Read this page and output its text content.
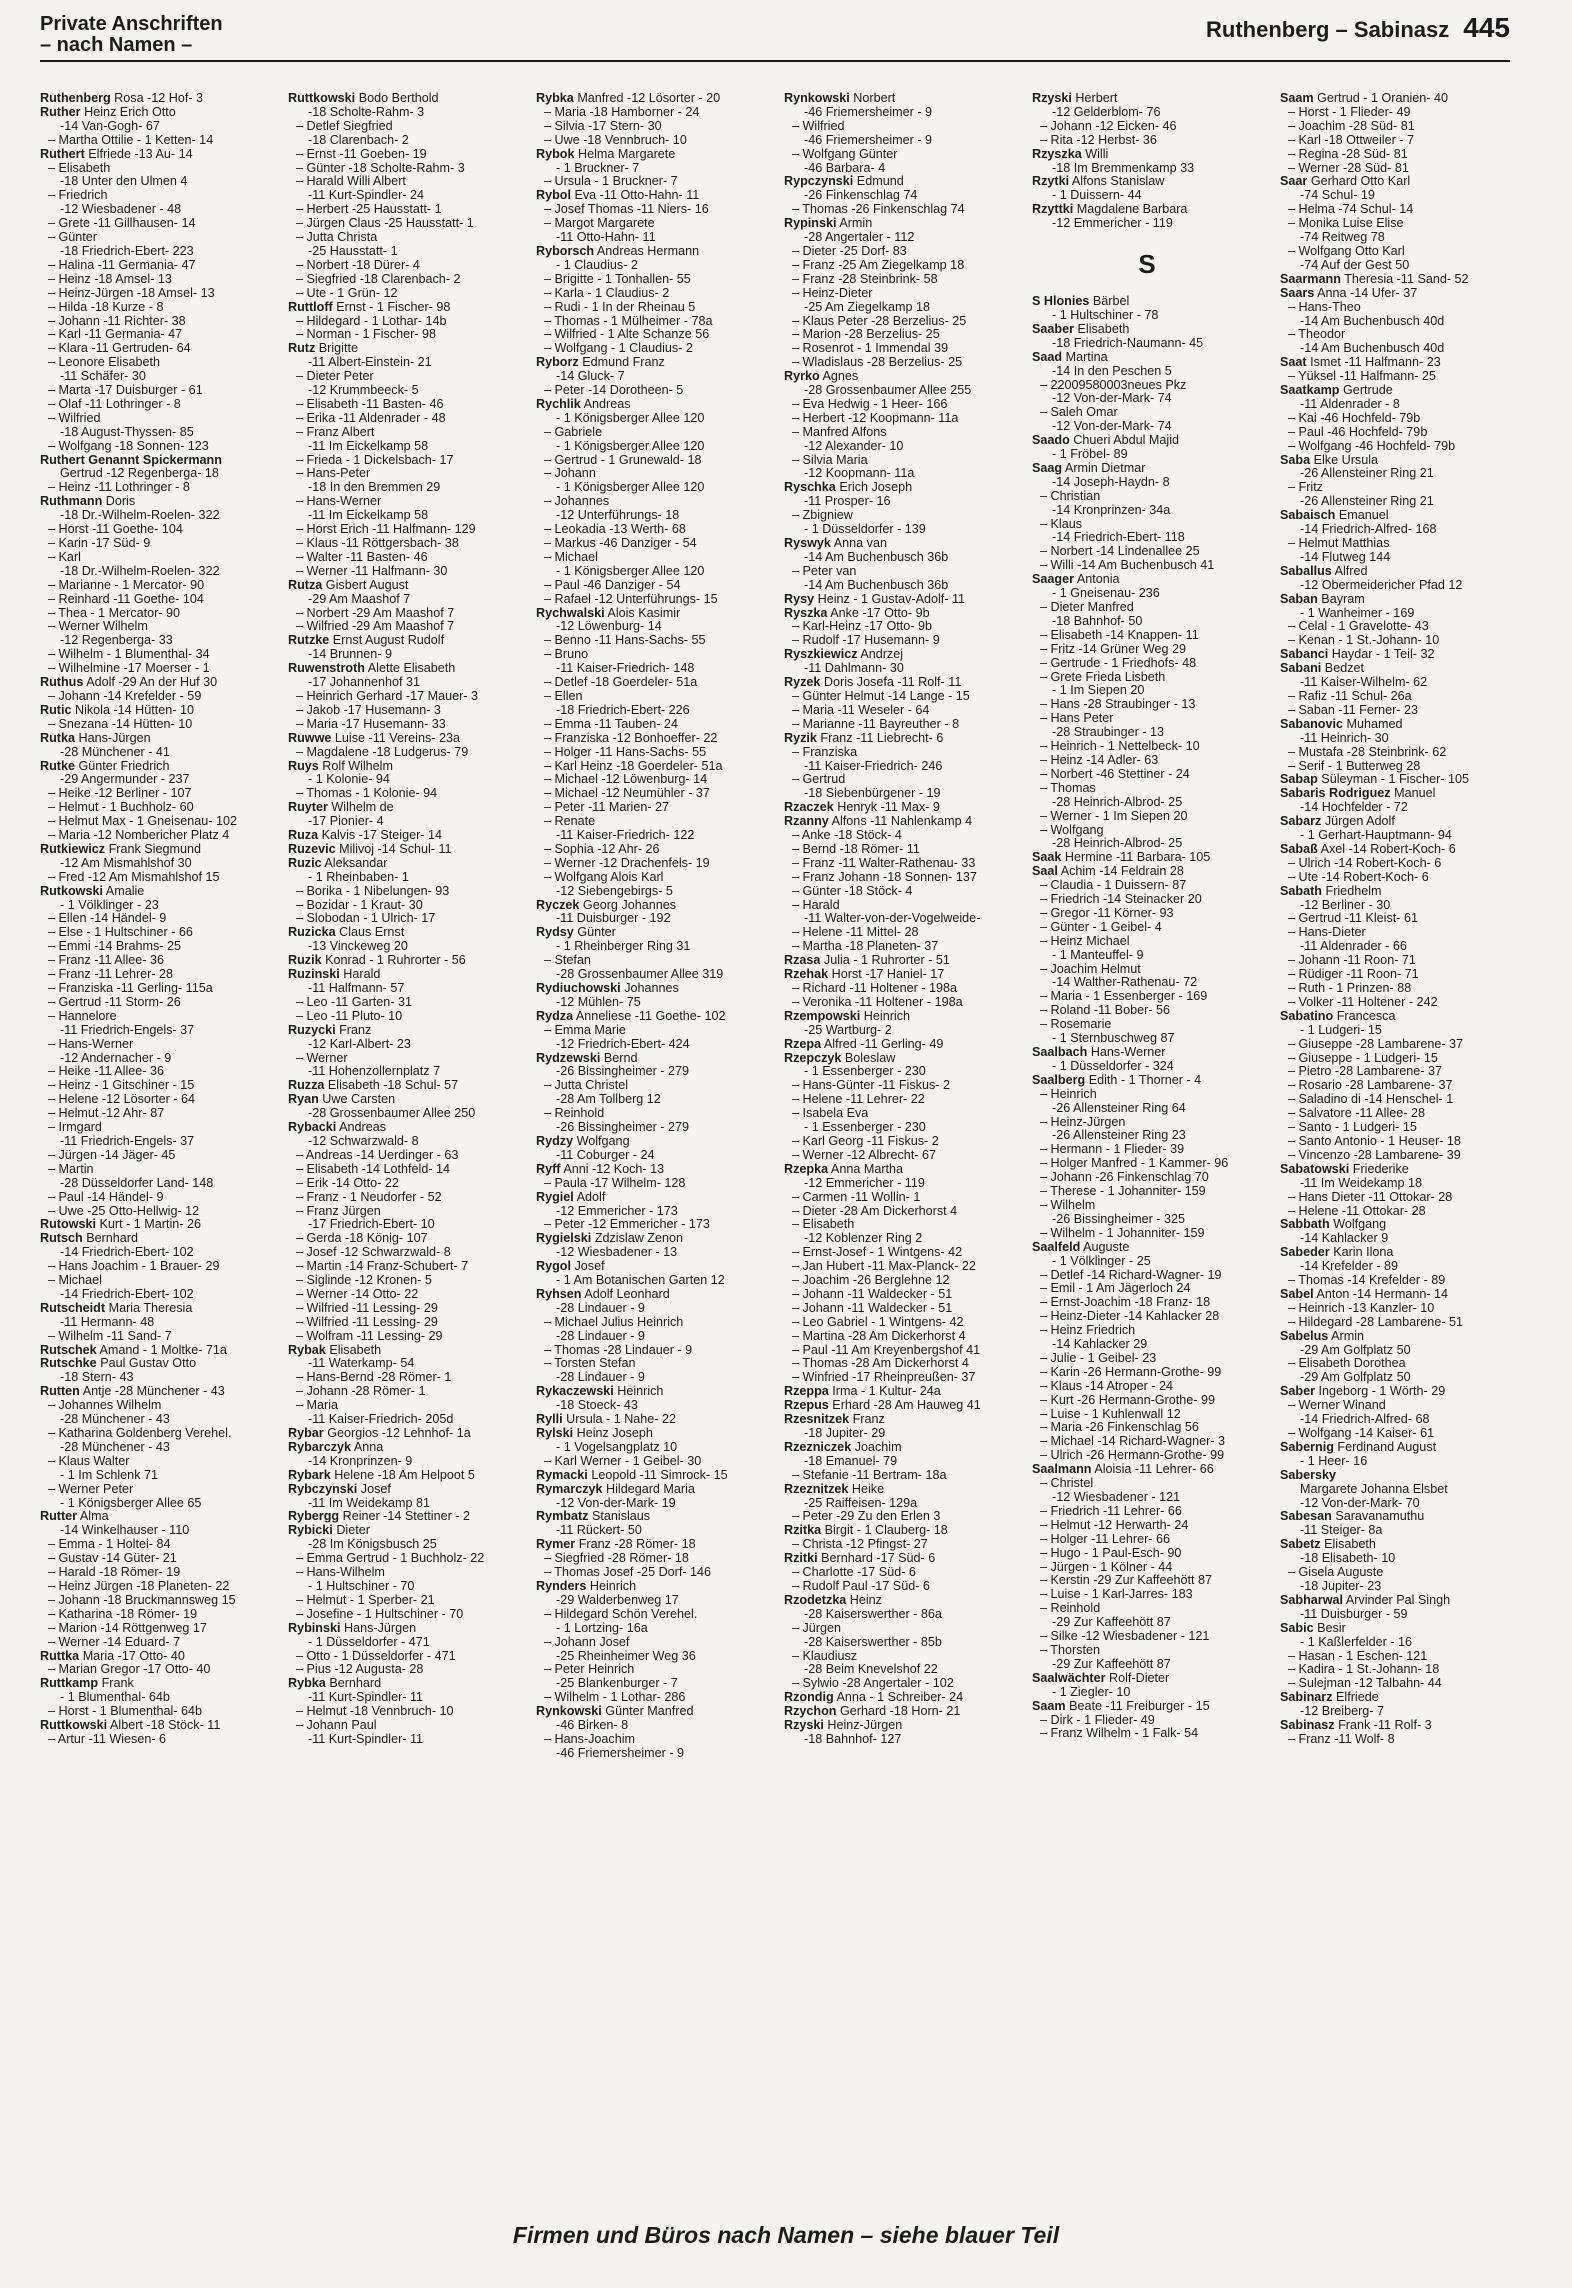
Private Anschriften
– nach Namen –
Ruthenberg – Sabinasz 445
Ruthenberg Rosa -12 Hof- 3
Ruther Heinz Erich Otto
-14 Van-Gogh- 67
– Martha Ottilie - 1 Ketten- 14
Ruthert Elfriede -13 Au- 14
– Elisabeth
-18 Unter den Ulmen 4
– Friedrich
-12 Wiesbadener - 48
– Grete -11 Gillhausen- 14
– Günter
-18 Friedrich-Ebert- 223
– Halina -11 Germania- 47
– Heinz -18 Amsel- 13
– Heinz-Jürgen -18 Amsel- 13
– Hilda -18 Kurze - 8
– Johann -11 Richter- 38
– Karl -11 Germania- 47
– Klara -11 Gertruden- 64
– Leonore Elisabeth
-11 Schäfer- 30
– Marta -17 Duisburger - 61
– Olaf -11 Lothringer - 8
– Wilfried
-18 August-Thyssen- 85
– Wolfgang -18 Sonnen- 123
Ruthert Genannt Spickermann
Gertrud -12 Regenberga- 18
– Heinz -11 Lothringer - 8
Ruthmann Doris
-18 Dr.-Wilhelm-Roelen- 322
– Horst -11 Goethe- 104
– Karin -17 Süd- 9
– Karl
-18 Dr.-Wilhelm-Roelen- 322
– Marianne - 1 Mercator- 90
– Reinhard -11 Goethe- 104
– Thea - 1 Mercator- 90
– Werner Wilhelm
-12 Regenberga- 33
– Wilhelm - 1 Blumenthal- 34
– Wilhelmine -17 Moerser - 1
Ruthus Adolf -29 An der Huf 30
– Johann -14 Krefelder - 59
Rutic Nikola -14 Hütten- 10
– Snezana -14 Hütten- 10
Rutka Hans-Jürgen
-28 Münchener - 41
Rutke Günter Friedrich
-29 Angermunder - 237
– Heike -12 Berliner - 107
– Helmut - 1 Buchholz- 60
– Helmut Max - 1 Gneisenau- 102
– Maria -12 Nombericher Platz 4
Rutkiewicz Frank Siegmund
-12 Am Mismahlshof 30
– Fred -12 Am Mismahlshof 15
Rutkowski Amalie
- 1 Völklinger - 23
– Ellen -14 Händel- 9
– Else - 1 Hultschiner - 66
– Emmi -14 Brahms- 25
– Franz -11 Allee- 36
– Franz -11 Lehrer- 28
– Franziska -11 Gerling- 115a
– Gertrud -11 Storm- 26
– Hannelore
-11 Friedrich-Engels- 37
– Hans-Werner
-12 Andernacher - 9
– Heike -11 Allee- 36
– Heinz - 1 Gitschiner - 15
– Helene -12 Lösorter - 64
– Helmut -12 Ahr- 87
– Irmgard
-11 Friedrich-Engels- 37
– Jürgen -14 Jäger- 45
– Martin
-28 Düsseldorfer Land- 148
– Paul -14 Händel- 9
– Uwe -25 Otto-Hellwig- 12
Rutowski Kurt - 1 Martin- 26
Rutsch Bernhard
-14 Friedrich-Ebert- 102
– Hans Joachim - 1 Brauer- 29
– Michael
-14 Friedrich-Ebert- 102
Rutscheidt Maria Theresia
-11 Hermann- 48
– Wilhelm -11 Sand- 7
Rutschek Amand - 1 Moltke- 71a
Rutschke Paul Gustav Otto
-18 Stern- 43
Rutten Antje -28 Münchener - 43
– Johannes Wilhelm
-28 Münchener - 43
– Katharina Goldenberg Verehel.
-28 Münchener - 43
– Klaus Walter
- 1 Im Schlenk 71
– Werner Peter
- 1 Königsberger Allee 65
Rutter Alma
-14 Winkelhauser - 110
– Emma - 1 Holtei- 84
– Gustav -14 Güter- 21
– Harald -18 Römer- 19
– Heinz Jürgen -18 Planeten- 22
– Johann -18 Bruckmannsweg 15
– Katharina -18 Römer- 19
– Marion -14 Röttgenweg 17
– Werner -14 Eduard- 7
Ruttka Maria -17 Otto- 40
– Marian Gregor -17 Otto- 40
Ruttkamp Frank
- 1 Blumenthal- 64b
– Horst - 1 Blumenthal- 64b
Ruttkowski Albert -18 Stöck- 11
– Artur -11 Wiesen- 6
Ruttkowski Bodo Berthold
-18 Scholte-Rahm- 3
– Detlef Siegfried
-18 Clarenbach- 2
– Ernst -11 Goeben- 19
– Günter -18 Scholte-Rahm- 3
– Harald Willi Albert
-11 Kurt-Spindler- 24
– Herbert -25 Hausstatt- 1
– Jürgen Claus -25 Hausstatt- 1
– Jutta Christa
-25 Hausstatt- 1
– Norbert -18 Dürer- 4
– Siegfried -18 Clarenbach- 2
– Ute - 1 Grün- 12
Ruttloff Ernst - 1 Fischer- 98
– Hildegard - 1 Lothar- 14b
– Norman - 1 Fischer- 98
Rutz Brigitte
-11 Albert-Einstein- 21
– Dieter Peter
-12 Krummbeeck- 5
– Elisabeth -11 Basten- 46
– Erika -11 Aldenrader - 48
– Franz Albert
-11 Im Eickelkamp 58
– Frieda - 1 Dickelsbach- 17
– Hans-Peter
-18 In den Bremmen 29
– Hans-Werner
-11 Im Eickelkamp 58
– Horst Erich -11 Halfmann- 129
– Klaus -11 Röttgersbach- 38
– Walter -11 Basten- 46
– Werner -11 Halfmann- 30
Rutza Gisbert August
-29 Am Maashof 7
– Norbert -29 Am Maashof 7
– Wilfried -29 Am Maashof 7
Rutzke Ernst August Rudolf
-14 Brunnen- 9
Ruwenstroth Alette Elisabeth
-17 Johannenhof 31
– Heinrich Gerhard -17 Mauer- 3
– Jakob -17 Husemann- 3
– Maria -17 Husemann- 33
Ruwwe Luise -11 Vereins- 23a
– Magdalene -18 Ludgerus- 79
Ruys Rolf Wilhelm
- 1 Kolonie- 94
– Thomas - 1 Kolonie- 94
Ruyter Wilhelm de
-17 Pionier- 4
Ruza Kalvis -17 Steiger- 14
Ruzevic Milivoj -14 Schul- 11
Ruzic Aleksandar
- 1 Rheinbaben- 1
– Borika - 1 Nibelungen- 93
– Bozidar - 1 Kraut- 30
– Slobodan - 1 Ulrich- 17
Ruzicka Claus Ernst
-13 Vinckeweg 20
Ruzik Konrad - 1 Ruhrorter - 56
Ruzinski Harald
-11 Halfmann- 57
– Leo -11 Garten- 31
– Leo -11 Pluto- 10
Ruzycki Franz
-12 Karl-Albert- 23
– Werner
-11 Hohenzollernplatz 7
Ruzza Elisabeth -18 Schul- 57
Ryan Uwe Carsten
-28 Grossenbaumer Allee 250
Rybacki Andreas
-12 Schwarzwald- 8
– Andreas -14 Uerdinger - 63
– Elisabeth -14 Lothfeld- 14
– Erik -14 Otto- 22
– Franz - 1 Neudorfer - 52
– Franz Jürgen
-17 Friedrich-Ebert- 10
– Gerda -18 König- 107
– Josef -12 Schwarzwald- 8
– Martin -14 Franz-Schubert- 7
– Siglinde -12 Kronen- 5
– Werner -14 Otto- 22
– Wilfried -11 Lessing- 29
– Wilfried -11 Lessing- 29
– Wolfram -11 Lessing- 29
Rybak Elisabeth
-11 Waterkamp- 54
– Hans-Bernd -28 Römer- 1
– Johann -28 Römer- 1
– Maria
-11 Kaiser-Friedrich- 205d
Rybar Georgios -12 Lehnhof- 1a
Rybarczyk Anna
-14 Kronprinzen- 9
Rybark Helene -18 Am Helpoot 5
Rybczynski Josef
-11 Im Weidekamp 81
Rybergg Reiner -14 Stettiner - 2
Rybicki Dieter
-28 Im Königsbusch 25
– Emma Gertrud - 1 Buchholz- 22
– Hans-Wilhelm
- 1 Hultschiner - 70
– Helmut - 1 Sperber- 21
– Josefine - 1 Hultschiner - 70
Rybinski Hans-Jürgen
- 1 Düsseldorfer - 471
– Otto - 1 Düsseldorfer - 471
– Pius -12 Augusta- 28
Rybka Bernhard
-11 Kurt-Spindler- 11
– Helmut -18 Vennbruch- 10
– Johann Paul
-11 Kurt-Spindler- 11
Rybka Manfred -12 Lösorter - 20
– Maria -18 Hamborner - 24
– Silvia -17 Stern- 30
– Uwe -18 Vennbruch- 10
Rybok Helma Margarete
- 1 Bruckner- 7
– Ursula - 1 Bruckner- 7
Rybol Eva -11 Otto-Hahn- 11
– Josef Thomas -11 Niers- 16
– Margot Margarete
-11 Otto-Hahn- 11
Ryborsch Andreas Hermann
- 1 Claudius- 2
– Brigitte - 1 Tonhallen- 55
– Karla - 1 Claudius- 2
– Rudi - 1 In der Rheinau 5
– Thomas - 1 Mülheimer - 78a
– Wilfried - 1 Alte Schanze 56
– Wolfgang - 1 Claudius- 2
Ryborz Edmund Franz
-14 Gluck- 7
– Peter -14 Dorotheen- 5
Rychlik Andreas
- 1 Königsberger Allee 120
– Gabriele
- 1 Königsberger Allee 120
– Gertrud - 1 Grunewald- 18
– Johann
- 1 Königsberger Allee 120
– Johannes
-12 Unterführungs- 18
– Leokadia -13 Werth- 68
– Markus -46 Danziger - 54
– Michael
- 1 Königsberger Allee 120
– Paul -46 Danziger - 54
– Rafael -12 Unterführungs- 15
Rychwalski Alois Kasimir
-12 Löwenburg- 14
– Benno -11 Hans-Sachs- 55
– Bruno
-11 Kaiser-Friedrich- 148
– Detlef -18 Goerdeler- 51a
– Ellen
-18 Friedrich-Ebert- 226
– Emma -11 Tauben- 24
– Franziska -12 Bonhoeffer- 22
– Holger -11 Hans-Sachs- 55
– Karl Heinz -18 Goerdeler- 51a
– Michael -12 Löwenburg- 14
– Michael -12 Neumühler - 37
– Peter -11 Marien- 27
– Renate
-11 Kaiser-Friedrich- 122
– Sophia -12 Ahr- 26
– Werner -12 Drachenfels- 19
– Wolfgang Alois Karl
-12 Siebengebirgs- 5
Ryczek Georg Johannes
-11 Duisburger - 192
Rydsy Günter
- 1 Rheinberger Ring 31
– Stefan
-28 Grossenbaumer Allee 319
Rydiuchowski Johannes
-12 Mühlen- 75
Rydza Anneliese -11 Goethe- 102
– Emma Marie
-12 Friedrich-Ebert- 424
Rydzewski Bernd
-26 Bissingheimer - 279
– Jutta Christel
-28 Am Tollberg 12
– Reinhold
-26 Bissingheimer - 279
Rydzy Wolfgang
-11 Coburger - 24
Ryff Anni -12 Koch- 13
– Paula -17 Wilhelm- 128
Rygiel Adolf
-12 Emmericher - 173
– Peter -12 Emmericher - 173
Rygielski Zdzislaw Zenon
-12 Wiesbadener - 13
Rygol Josef
- 1 Am Botanischen Garten 12
Ryhsen Adolf Leonhard
-28 Lindauer - 9
– Michael Julius Heinrich
-28 Lindauer - 9
– Thomas -28 Lindauer - 9
– Torsten Stefan
-28 Lindauer - 9
Rykaczewski Heinrich
-18 Stoeck- 43
Rylli Ursula - 1 Nahe- 22
Rylski Heinz Joseph
- 1 Vogelsangplatz 10
– Karl Werner - 1 Geibel- 30
Rymacki Leopold -11 Simrock- 15
Rymarczyk Hildegard Maria
-12 Von-der-Mark- 19
Rymbatz Stanislaus
-11 Rückert- 50
Rymer Franz -28 Römer- 18
– Siegfried -28 Römer- 18
– Thomas Josef -25 Dorf- 146
Rynders Heinrich
-29 Walderbenweg 17
– Hildegard Schön Verehel.
- 1 Lortzing- 16a
– Johann Josef
-25 Rheinheimer Weg 36
– Peter Heinrich
-25 Blankenburger - 7
– Wilhelm - 1 Lothar- 286
Rynkowski Günter Manfred
-46 Birken- 8
– Hans-Joachim
-46 Friemersheimer - 9
Rynkowski Norbert
-46 Friemersheimer - 9
– Wilfried
-46 Friemersheimer - 9
– Wolfgang Günter
-46 Barbara- 4
Rypczynski Edmund
-26 Finkenschlag 74
– Thomas -26 Finkenschlag 74
Rypinski Armin
-28 Angertaler - 112
– Dieter -25 Dorf- 83
– Franz -25 Am Ziegelkamp 18
– Franz -28 Steinbrink- 58
– Heinz-Dieter
-25 Am Ziegelkamp 18
– Klaus Peter -28 Berzelius- 25
– Marion -28 Berzelius- 25
– Rosenrot - 1 Immendal 39
– Wladislaus -28 Berzelius- 25
Ryrko Agnes
-28 Grossenbaumer Allee 255
– Eva Hedwig - 1 Heer- 166
– Herbert -12 Koopmann- 11a
– Manfred Alfons
-12 Alexander- 10
– Silvia Maria
-12 Koopmann- 11a
Ryschka Erich Joseph
-11 Prosper- 16
– Zbigniew
- 1 Düsseldorfer - 139
Ryswyk Anna van
-14 Am Buchenbusch 36b
– Peter van
-14 Am Buchenbusch 36b
Rysy Heinz - 1 Gustav-Adolf- 11
Ryszka Anke -17 Otto- 9b
– Karl-Heinz -17 Otto- 9b
– Rudolf -17 Husemann- 9
Ryszkiewicz Andrzej
-11 Dahlmann- 30
Ryzek Doris Josefa -11 Rolf- 11
– Günter Helmut -14 Lange - 15
– Maria -11 Weseler - 64
– Marianne -11 Bayreuther - 8
Ryzik Franz -11 Liebrecht- 6
– Franziska
-11 Kaiser-Friedrich- 246
– Gertrud
-18 Siebenbürgener - 19
Rzaczek Henryk -11 Max- 9
Rzanny Alfons -11 Nahlenkamp 4
– Anke -18 Stöck- 4
– Bernd -18 Römer- 11
– Franz -11 Walter-Rathenau- 33
– Franz Johann -18 Sonnen- 137
– Günter -18 Stöck- 4
– Harald
-11 Walter-von-der-Vogelweide-
– Helene -11 Mittel- 28
– Martha -18 Planeten- 37
Rzasa Julia - 1 Ruhrorter - 51
Rzehak Horst -17 Haniel- 17
– Richard -11 Holtener - 198a
– Veronika -11 Holtener - 198a
Rzempowski Heinrich
-25 Wartburg- 2
Rzepa Alfred -11 Gerling- 49
Rzepczyk Boleslaw
- 1 Essenberger - 230
– Hans-Günter -11 Fiskus- 2
– Helene -11 Lehrer- 22
– Isabela Eva
- 1 Essenberger - 230
– Karl Georg -11 Fiskus- 2
– Werner -12 Albrecht- 67
Rzepka Anna Martha
-12 Emmericher - 119
– Carmen -11 Wollin- 1
– Dieter -28 Am Dickerhorst 4
– Elisabeth
-12 Koblenzer Ring 2
– Ernst-Josef - 1 Wintgens- 42
– Jan Hubert -11 Max-Planck- 22
– Joachim -26 Berglehne 12
– Johann -11 Waldecker - 51
– Johann -11 Waldecker - 51
– Leo Gabriel - 1 Wintgens- 42
– Martina -28 Am Dickerhorst 4
– Paul -11 Am Kreyenbergshof 41
– Thomas -28 Am Dickerhorst 4
– Winfried -17 Rheinpreußen- 37
Rzeppa Irma - 1 Kultur- 24a
Rzepus Erhard -28 Am Hauweg 41
Rzesnitzek Franz
-18 Jupiter- 29
Rzezniczek Joachim
-18 Emanuel- 79
– Stefanie -11 Bertram- 18a
Rzeznitzek Heike
-25 Raiffeisen- 129a
– Peter -29 Zu den Erlen 3
Rzitka Birgit - 1 Clauberg- 18
– Christa -12 Pfingst- 27
Rzitki Bernhard -17 Süd- 6
– Charlotte -17 Süd- 6
– Rudolf Paul -17 Süd- 6
Rzodetzka Heinz
-28 Kaiserswerther - 86a
– Jürgen
-28 Kaiserswerther - 85b
– Klaudiusz
-28 Beim Knevelshof 22
– Sylwio -28 Angertaler - 102
Rzondig Anna - 1 Schreiber- 24
Rzychon Gerhard -18 Horn- 21
Rzyski Heinz-Jürgen
-18 Bahnhof- 127
Rzyski Herbert
-12 Gelderblom- 76
– Johann -12 Eicken- 46
– Rita -12 Herbst- 36
Rzyszka Willi
-18 Im Bremmenkamp 33
Rzytki Alfons Stanislaw
- 1 Duissern- 44
Rzyttki Magdalene Barbara
-12 Emmericher - 119
S
S Hlonies Bärbel
- 1 Hultschiner - 78
Saaber Elisabeth
-18 Friedrich-Naumann- 45
Saad Martina
-14 In den Peschen 5
– 22009580003neues Pkz
-12 Von-der-Mark- 74
– Saleh Omar
-12 Von-der-Mark- 74
Saado Chueri Abdul Majid
- 1 Fröbel- 89
Saag Armin Dietmar
-14 Joseph-Haydn- 8
– Christian
-14 Kronprinzen- 34a
– Klaus
-14 Friedrich-Ebert- 118
– Norbert -14 Lindenallee 25
– Willi -14 Am Buchenbusch 41
Saager Antonia
- 1 Gneisenau- 236
– Dieter Manfred
-18 Bahnhof- 50
– Elisabeth -14 Knappen- 11
– Fritz -14 Grüner Weg 29
– Gertrude - 1 Friedhofs- 48
– Grete Frieda Lisbeth
- 1 Im Siepen 20
– Hans -28 Straubinger - 13
– Hans Peter
-28 Straubinger - 13
– Heinrich - 1 Nettelbeck- 10
– Heinz -14 Adler- 63
– Norbert -46 Stettiner - 24
– Thomas
-28 Heinrich-Albrod- 25
– Werner - 1 Im Siepen 20
– Wolfgang
-28 Heinrich-Albrod- 25
Saak Hermine -11 Barbara- 105
Saal Achim -14 Feldrain 28
– Claudia - 1 Duissern- 87
– Friedrich -14 Steinacker 20
– Gregor -11 Körner- 93
– Günter - 1 Geibel- 4
– Heinz Michael
- 1 Manteuffel- 9
– Joachim Helmut
-14 Walther-Rathenau- 72
– Maria - 1 Essenberger - 169
– Roland -11 Bober- 56
– Rosemarie
- 1 Sternbuschweg 87
Saalbach Hans-Werner
- 1 Düsseldorfer - 324
Saalberg Edith - 1 Thorner - 4
– Heinrich
-26 Allensteiner Ring 64
– Heinz-Jürgen
-26 Allensteiner Ring 23
– Hermann - 1 Flieder- 39
– Holger Manfred - 1 Kammer- 96
– Johann -26 Finkenschlag 70
– Therese - 1 Johanniter- 159
– Wilhelm
-26 Bissingheimer - 325
– Wilhelm - 1 Johanniter- 159
Saalfeld Auguste
- 1 Völklinger - 25
– Detlef -14 Richard-Wagner- 19
– Emil - 1 Am Jägerloch 24
– Ernst-Joachim -18 Franz- 18
– Heinz-Dieter -14 Kahlacker 28
– Heinz Friedrich
-14 Kahlacker 29
– Julie - 1 Geibel- 23
– Karin -26 Hermann-Grothe- 99
– Klaus -14 Atroper - 24
– Kurt -26 Hermann-Grothe- 99
– Luise - 1 Kuhlenwall 12
– Maria -26 Finkenschlag 56
– Michael -14 Richard-Wagner- 3
– Ulrich -26 Hermann-Grothe- 99
Saalmann Aloisia -11 Lehrer- 66
– Christel
-12 Wiesbadener - 121
– Friedrich -11 Lehrer- 66
– Helmut -12 Herwarth- 24
– Holger -11 Lehrer- 66
– Hugo - 1 Paul-Esch- 90
– Jürgen - 1 Kölner - 44
– Kerstin -29 Zur Kaffeehött 87
– Luise - 1 Karl-Jarres- 183
– Reinhold
-29 Zur Kaffeehött 87
– Silke -12 Wiesbadener - 121
– Thorsten
-29 Zur Kaffeehött 87
Saalwächter Rolf-Dieter
- 1 Ziegler- 10
Saam Beate -11 Freiburger - 15
– Dirk - 1 Flieder- 49
– Franz Wilhelm - 1 Falk- 54
Saam Gertrud - 1 Oranien- 40
– Horst - 1 Flieder- 49
– Joachim -28 Süd- 81
– Karl -18 Ottweiler - 7
– Regina -28 Süd- 81
– Werner -28 Süd- 81
Saar Gerhard Otto Karl
-74 Schul- 19
– Helma -74 Schul- 14
– Monika Luise Elise
-74 Reitweg 78
– Wolfgang Otto Karl
-74 Auf der Gest 50
Saarmann Theresia -11 Sand- 52
Saars Anna -14 Ufer- 37
– Hans-Theo
-14 Am Buchenbusch 40d
– Theodor
-14 Am Buchenbusch 40d
Saat Ismet -11 Halfmann- 23
– Yüksel -11 Halfmann- 25
Saatkamp Gertrude
-11 Aldenrader - 8
– Kai -46 Hochfeld- 79b
– Paul -46 Hochfeld- 79b
– Wolfgang -46 Hochfeld- 79b
Saba Elke Ursula
-26 Allensteiner Ring 21
– Fritz
-26 Allensteiner Ring 21
Sabaisch Emanuel
-14 Friedrich-Alfred- 168
– Helmut Matthias
-14 Flutweg 144
Saballus Alfred
-12 Obermeidericher Pfad 12
Saban Bayram
- 1 Wanheimer - 169
– Celal - 1 Gravelotte- 43
– Kenan - 1 St.-Johann- 10
Sabanci Haydar - 1 Teil- 32
Sabani Bedzet
-11 Kaiser-Wilhelm- 62
– Rafiz -11 Schul- 26a
– Saban -11 Ferner- 23
Sabanovic Muhamed
-11 Heinrich- 30
– Mustafa -28 Steinbrink- 62
– Serif - 1 Butterweg 28
Sabap Süleyman - 1 Fischer- 105
Sabaris Rodriguez Manuel
-14 Hochfelder - 72
Sabarz Jürgen Adolf
- 1 Gerhart-Hauptmann- 94
Sabaß Axel -14 Robert-Koch- 6
– Ulrich -14 Robert-Koch- 6
– Ute -14 Robert-Koch- 6
Sabath Friedhelm
-12 Berliner - 30
– Gertrud -11 Kleist- 61
– Hans-Dieter
-11 Aldenrader - 66
– Johann -11 Roon- 71
– Rüdiger -11 Roon- 71
– Ruth - 1 Prinzen- 88
– Volker -11 Holtener - 242
Sabatino Francesca
- 1 Ludgeri- 15
– Giuseppe -28 Lambarene- 37
– Giuseppe - 1 Ludgeri- 15
– Pietro -28 Lambarene- 37
– Rosario -28 Lambarene- 37
– Saladino di -14 Henschel- 1
– Salvatore -11 Allee- 28
– Santo - 1 Ludgeri- 15
– Santo Antonio - 1 Heuser- 18
– Vincenzo -28 Lambarene- 39
Sabatowski Friederike
-11 Im Weidekamp 18
– Hans Dieter -11 Ottokar- 28
– Helene -11 Ottokar- 28
Sabbath Wolfgang
-14 Kahlacker 9
Sabeder Karin Ilona
-14 Krefelder - 89
– Thomas -14 Krefelder - 89
Sabel Anton -14 Hermann- 14
– Heinrich -13 Kanzler- 10
– Hildegard -28 Lambarene- 51
Sabelus Armin
-29 Am Golfplatz 50
– Elisabeth Dorothea
-29 Am Golfplatz 50
Saber Ingeborg - 1 Wörth- 29
– Werner Winand
-14 Friedrich-Alfred- 68
– Wolfgang -14 Kaiser- 61
Sabernig Ferdinand August
- 1 Heer- 16
Sabersky
Margarete Johanna Elsbet
-12 Von-der-Mark- 70
Sabesan Saravanamuthu
-11 Steiger- 8a
Sabetz Elisabeth
-18 Elisabeth- 10
– Gisela Auguste
-18 Jupiter- 23
Sabharwal Arvinder Pal Singh
-11 Duisburger - 59
Sabic Besir
- 1 Kaßlerfelder - 16
– Hasan - 1 Eschen- 121
– Kadira - 1 St.-Johann- 18
– Sulejman -12 Talbahn- 44
Sabinarz Elfriede
-12 Breiberg- 7
Sabinasz Frank -11 Rolf- 3
– Franz -11 Wolf- 8
Firmen und Büros nach Namen – siehe blauer Teil
